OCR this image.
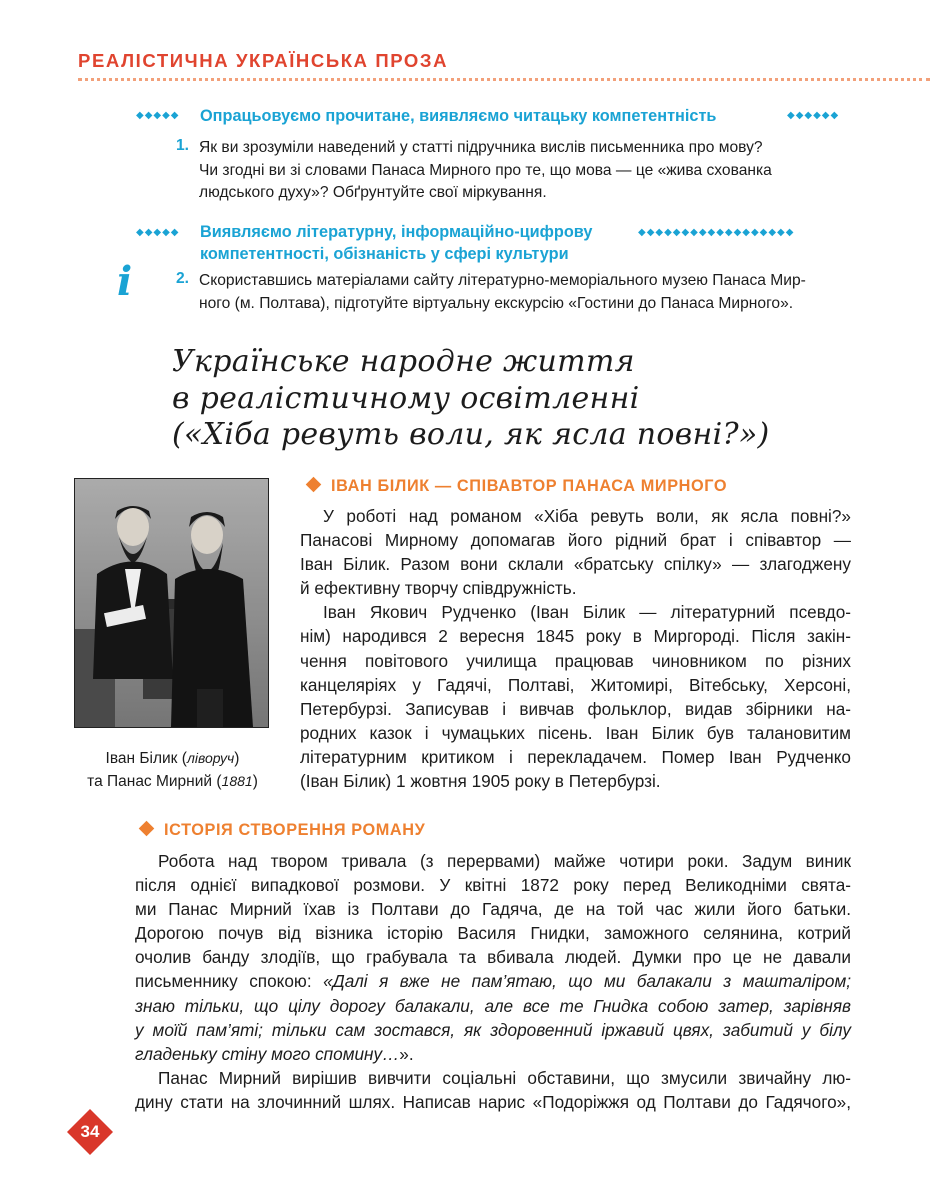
РЕАЛІСТИЧНА УКРАЇНСЬКА ПРОЗА
◆◆◆◆◆	Опрацьовуємо прочитане, виявляємо читацьку компетентність	◆◆◆◆◆◆
1. Як ви зрозуміли наведений у статті підручника вислів письменника про мову?
Чи згодні ви зі словами Панаса Мирного про те, що мова — це «жива схованка
людського духу»? Обґрунтуйте свої міркування.
◆◆◆◆◆	Виявляємо літературну, інформаційно-цифрову	◆◆◆◆◆◆◆◆◆◆◆◆◆◆◆◆◆◆
компетентності, обізнаність у сфері культури
i	2. Скориставшись матеріалами сайту літературно-меморіального музею Панаса Мир-
ного (м. Полтава), підготуйте віртуальну екскурсію «Гостини до Панаса Мирного».
Українське народне життя
в реалістичному освітленні
(«Хіба ревуть воли, як ясла повні?»)
Іван Білик (ліворуч)
та Панас Мирний (1881)
ІВАН БІЛИК — СПІВАВТОР ПАНАСА МИРНОГО
У роботі над романом «Хіба ревуть воли, як ясла повні?»
Панасові Мирному допомагав його рідний брат і співавтор —
Іван Білик. Разом вони склали «братську спілку» — злагоджену
й ефективну творчу співдружність.
Іван Якович Рудченко (Іван Білик — літературний псевдо-
нім) народився 2 вересня 1845 року в Миргороді. Після закін-
чення повітового училища працював чиновником по різних
канцеляріях у Гадячі, Полтаві, Житомирі, Вітебську, Херсоні,
Петербурзі. Записував і вивчав фольклор, видав збірники на-
родних казок і чумацьких пісень. Іван Білик був талановитим
літературним критиком і перекладачем. Помер Іван Рудченко
(Іван Білик) 1 жовтня 1905 року в Петербурзі.
ІСТОРІЯ СТВОРЕННЯ РОМАНУ
Робота над твором тривала (з перервами) майже чотири роки. Задум виник
після однієї випадкової розмови. У квітні 1872 року перед Великодніми свята-
ми Панас Мирний їхав із Полтави до Гадяча, де на той час жили його батьки.
Дорогою почув від візника історію Василя Гнидки, заможного селянина, котрий
очолив банду злодіїв, що грабувала та вбивала людей. Думки про це не давали
письменнику спокою: «Далі я вже не пам’ятаю, що ми балакали з машталіром;
знаю тільки, що цілу дорогу балакали, але все те Гнидка собою затер, зарівняв
у моїй пам’яті; тільки сам зостався, як здоровенний іржавий цвях, забитий у білу
гладеньку стіну мого спомину…».
Панас Мирний вирішив вивчити соціальні обставини, що змусили звичайну лю-
дину стати на злочинний шлях. Написав нарис «Подоріжжя од Полтави до Гадячого»,
34
